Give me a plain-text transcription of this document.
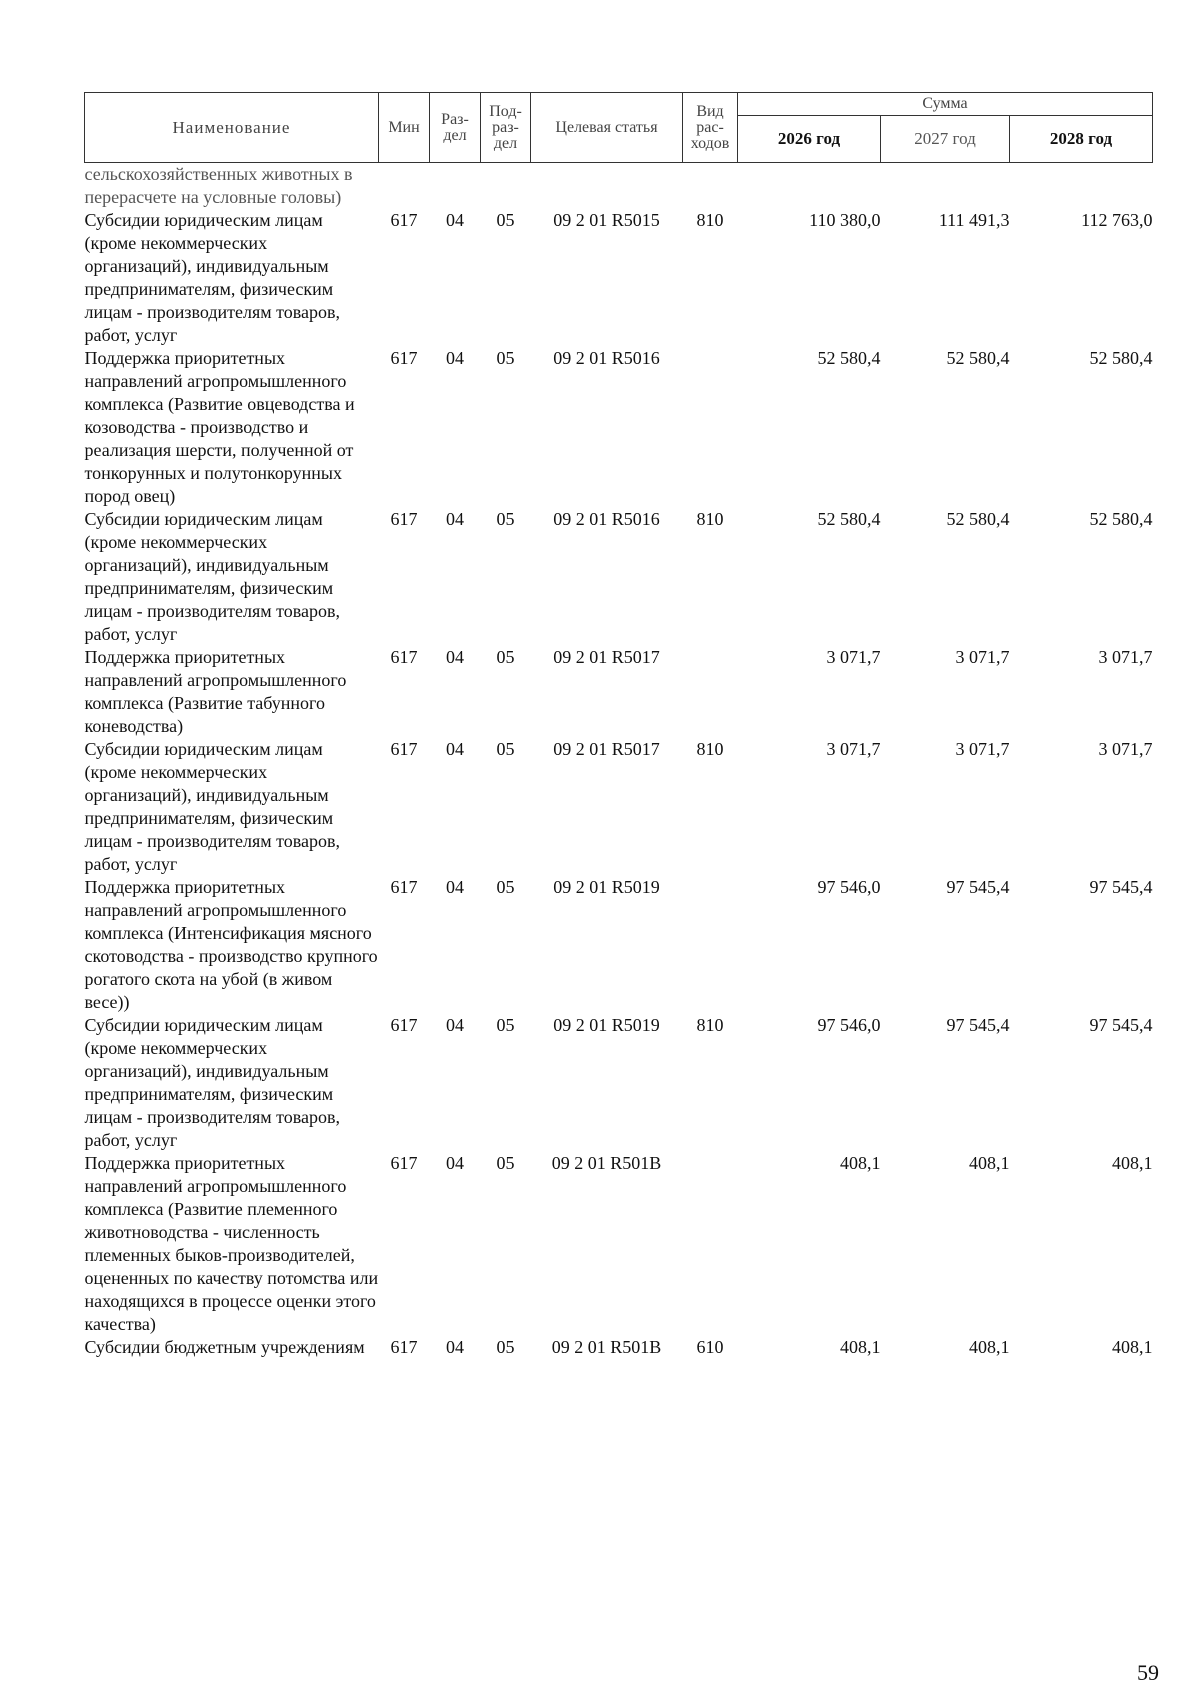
Наименование	Мин	Раз-дел	Под-раз-дел	Целевая статья	Вид рас-ходов	Сумма		
						2026 год	2027 год	2028 год
сельскохозяйственных животных в перерасчете на условные головы)								
Субсидии юридическим лицам (кроме некоммерческих организаций), индивидуальным предпринимателям, физическим лицам - производителям товаров, работ, услуг	617	04	05	09 2 01 R5015	810	110 380,0	111 491,3	112 763,0
Поддержка приоритетных направлений агропромышленного комплекса (Развитие овцеводства и козоводства - производство и реализация шерсти, полученной от тонкорунных и полутонкорунных пород овец)	617	04	05	09 2 01 R5016		52 580,4	52 580,4	52 580,4
Субсидии юридическим лицам (кроме некоммерческих организаций), индивидуальным предпринимателям, физическим лицам - производителям товаров, работ, услуг	617	04	05	09 2 01 R5016	810	52 580,4	52 580,4	52 580,4
Поддержка приоритетных направлений агропромышленного комплекса (Развитие табунного коневодства)	617	04	05	09 2 01 R5017		3 071,7	3 071,7	3 071,7
Субсидии юридическим лицам (кроме некоммерческих организаций), индивидуальным предпринимателям, физическим лицам - производителям товаров, работ, услуг	617	04	05	09 2 01 R5017	810	3 071,7	3 071,7	3 071,7
Поддержка приоритетных направлений агропромышленного комплекса (Интенсификация мясного скотоводства - производство крупного рогатого скота на убой (в живом весе))	617	04	05	09 2 01 R5019		97 546,0	97 545,4	97 545,4
Субсидии юридическим лицам (кроме некоммерческих организаций), индивидуальным предпринимателям, физическим лицам - производителям товаров, работ, услуг	617	04	05	09 2 01 R5019	810	97 546,0	97 545,4	97 545,4
Поддержка приоритетных направлений агропромышленного комплекса (Развитие племенного животноводства - численность племенных быков-производителей, оцененных по качеству потомства или находящихся в процессе оценки этого качества)	617	04	05	09 2 01 R501B		408,1	408,1	408,1
Субсидии бюджетным учреждениям	617	04	05	09 2 01 R501B	610	408,1	408,1	408,1
59
